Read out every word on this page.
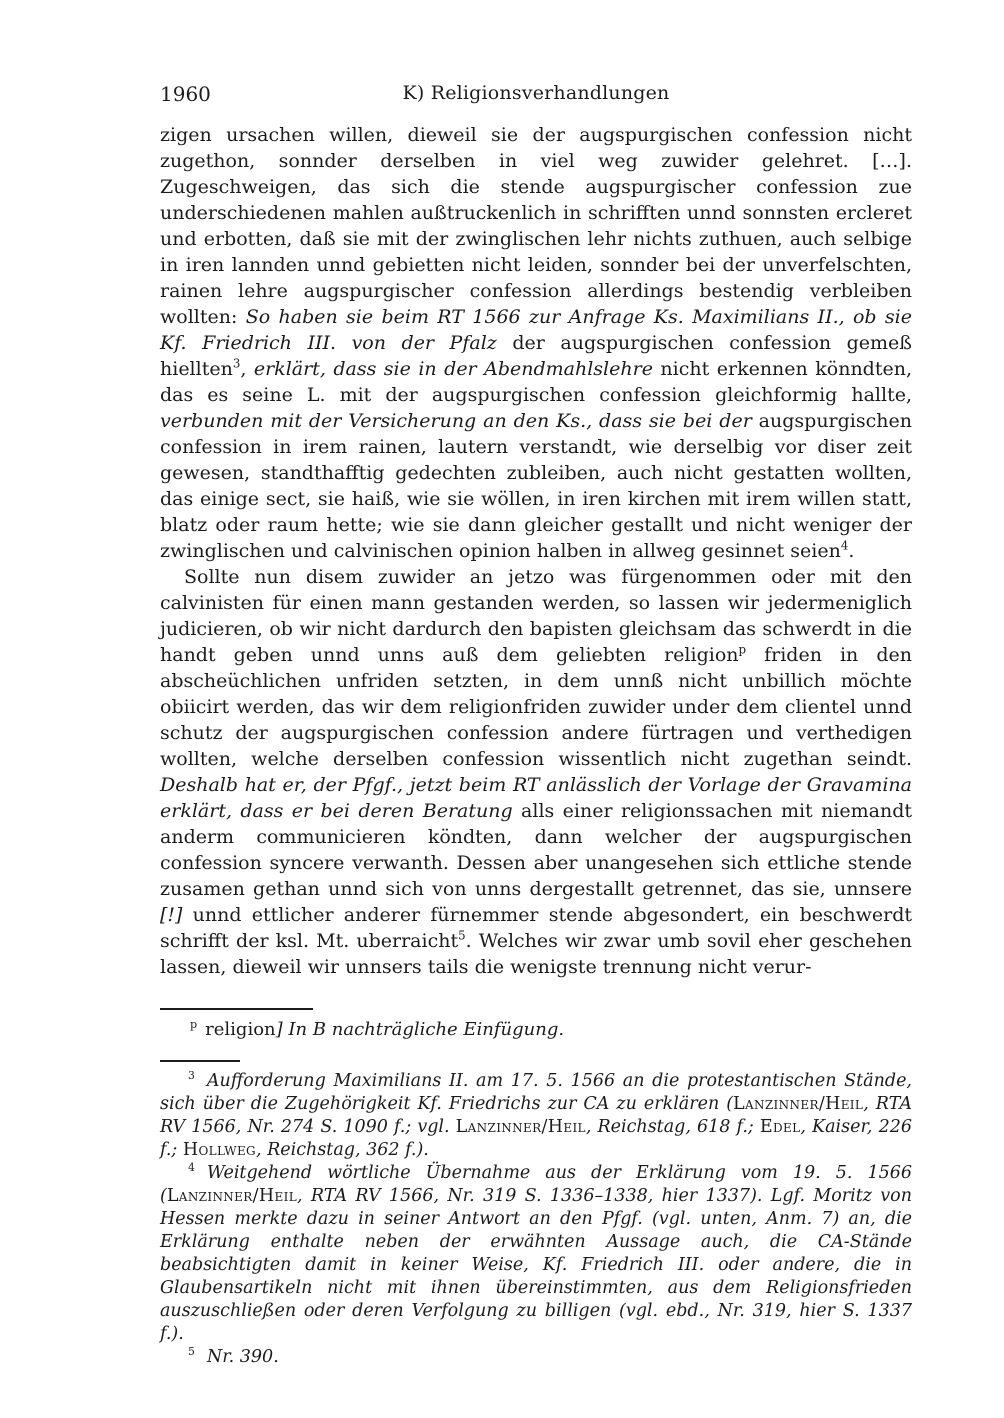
1960	K) Religionsverhandlungen

zigen ursachen willen, dieweil sie der augspurgischen confession nicht zugethon, sonnder derselben in viel weg zuwider gelehret. […]. Zugeschweigen, das sich die stende augspurgischer confession zue underschiedenen mahlen außtruckenlich in schrifften unnd sonnsten ercleret und erbotten, daß sie mit der zwinglischen lehr nichts zuthuen, auch selbige in iren lannden unnd gebietten nicht leiden, sonnder bei der unverfelschten, rainen lehre augspurgischer confession allerdings bestendig verbleiben wollten: So haben sie beim RT 1566 zur Anfrage Ks. Maximilians II., ob sie Kf. Friedrich III. von der Pfalz der augspurgischen confession gemeß hiellten$^3$, erklärt, dass sie in der Abendmahlslehre nicht erkennen könndten, das es seine L. mit der augspurgischen confession gleichformig hallte, verbunden mit der Versicherung an den Ks., dass sie bei der augspurgischen confession in irem rainen, lautern verstandt, wie derselbig vor diser zeit gewesen, standthafftig gedechten zubleiben, auch nicht gestatten wollten, das einige sect, sie haiß, wie sie wöllen, in iren kirchen mit irem willen statt, blatz oder raum hette; wie sie dann gleicher gestallt und nicht weniger der zwinglischen und calvinischen opinion halben in allweg gesinnet seien$^4$.

Sollte nun disem zuwider an jetzo was fürgenommen oder mit den calvinisten für einen mann gestanden werden, so lassen wir jedermeniglich judicieren, ob wir nicht dardurch den bapisten gleichsam das schwerdt in die handt geben unnd unns auß dem geliebten religion$^p$ friden in den abscheüchlichen unfriden setzten, in dem unnß nicht unbillich möchte obiicirt werden, das wir dem religionfriden zuwider under dem clientel unnd schutz der augspurgischen confession andere fürtragen und verthedigen wollten, welche derselben confession wissentlich nicht zugethan seindt. Deshalb hat er, der Pfgf., jetzt beim RT anlässlich der Vorlage der Gravamina erklärt, dass er bei deren Beratung alls einer religionssachen mit niemandt anderm communicieren köndten, dann welcher der augspurgischen confession syncere verwanth. Dessen aber unangesehen sich ettliche stende zusamen gethan unnd sich von unns dergestallt getrennet, das sie, unnsere [!] unnd ettlicher anderer fürnemmer stende abgesondert, ein beschwerdt schrifft der ksl. Mt. uberraicht$^5$. Welches wir zwar umb sovil eher geschehen lassen, dieweil wir unnsers tails die wenigste trennung nicht verur-

$^p$ religion] In B nachträgliche Einfügung.

$^3$ Aufforderung Maximilians II. am 17. 5. 1566 an die protestantischen Stände, sich über die Zugehörigkeit Kf. Friedrichs zur CA zu erklären (Lanzinner/Heil, RTA RV 1566, Nr. 274 S. 1090 f.; vgl. Lanzinner/Heil, Reichstag, 618 f.; Edel, Kaiser, 226 f.; Hollweg, Reichstag, 362 f.).

$^4$ Weitgehend wörtliche Übernahme aus der Erklärung vom 19. 5. 1566 (Lanzinner/Heil, RTA RV 1566, Nr. 319 S. 1336–1338, hier 1337). Lgf. Moritz von Hessen merkte dazu in seiner Antwort an den Pfgf. (vgl. unten, Anm. 7) an, die Erklärung enthalte neben der erwähnten Aussage auch, die CA-Stände beabsichtigten damit in keiner Weise, Kf. Friedrich III. oder andere, die in Glaubensartikeln nicht mit ihnen übereinstimmten, aus dem Religionsfrieden auszuschließen oder deren Verfolgung zu billigen (vgl. ebd., Nr. 319, hier S. 1337 f.).

$^5$ Nr. 390.
